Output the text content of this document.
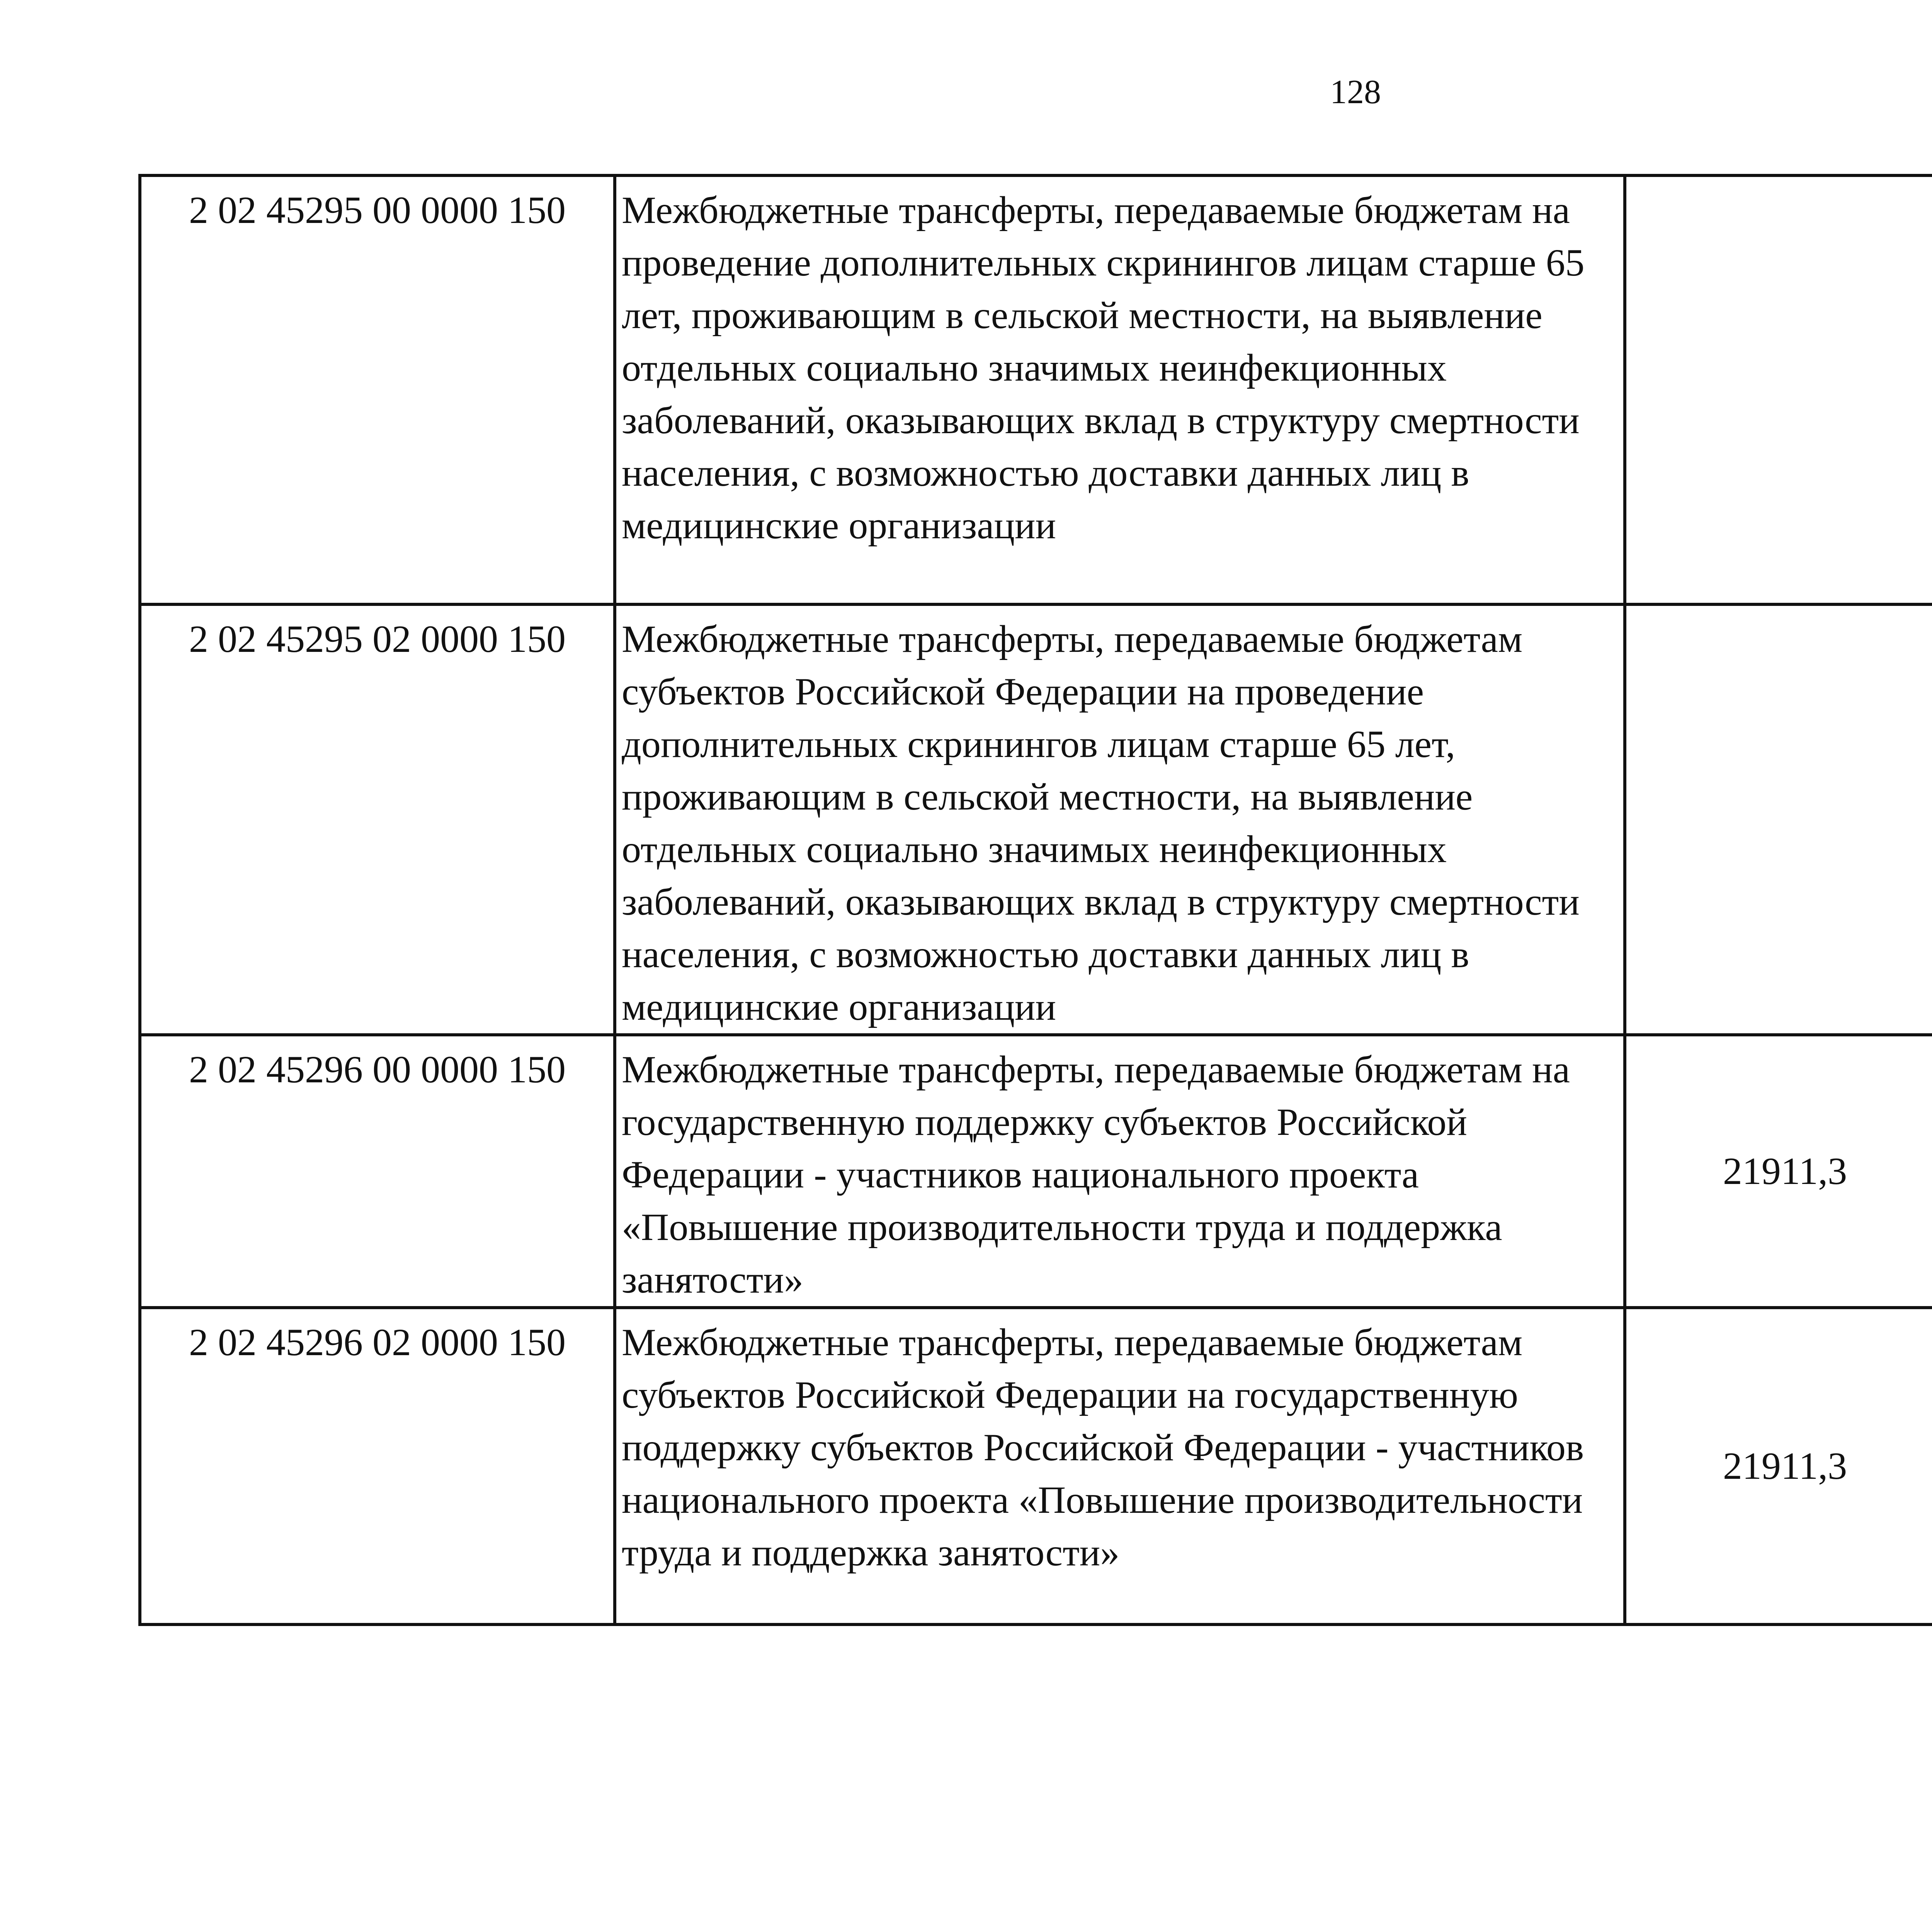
128
2 02 45295 00 0000 150	Межбюджетные трансферты, передаваемые бюджетам на проведение дополнительных скринингов лицам старше 65 лет, проживающим в сельской местности, на выявление отдельных социально значимых неинфекционных заболеваний, оказывающих вклад в структуру смертности населения, с возможностью доставки данных лиц в медицинские организации			
2 02 45295 02 0000 150	Межбюджетные трансферты, передаваемые бюджетам субъектов Российской Федерации на проведение дополнительных скринингов лицам старше 65 лет, проживающим в сельской местности, на выявление отдельных социально значимых неинфекционных заболеваний, оказывающих вклад в структуру смертности населения, с возможностью доставки данных лиц в медицинские организации			
2 02 45296 00 0000 150	Межбюджетные трансферты, передаваемые бюджетам на государственную поддержку субъектов Российской Федерации - участников национального проекта «Повышение производительности труда и поддержка занятости»	21911,3		
2 02 45296 02 0000 150	Межбюджетные трансферты, передаваемые бюджетам субъектов Российской Федерации на государственную поддержку субъектов Российской Федерации - участников национального проекта «Повышение производительности труда и поддержка занятости»	21911,3		
